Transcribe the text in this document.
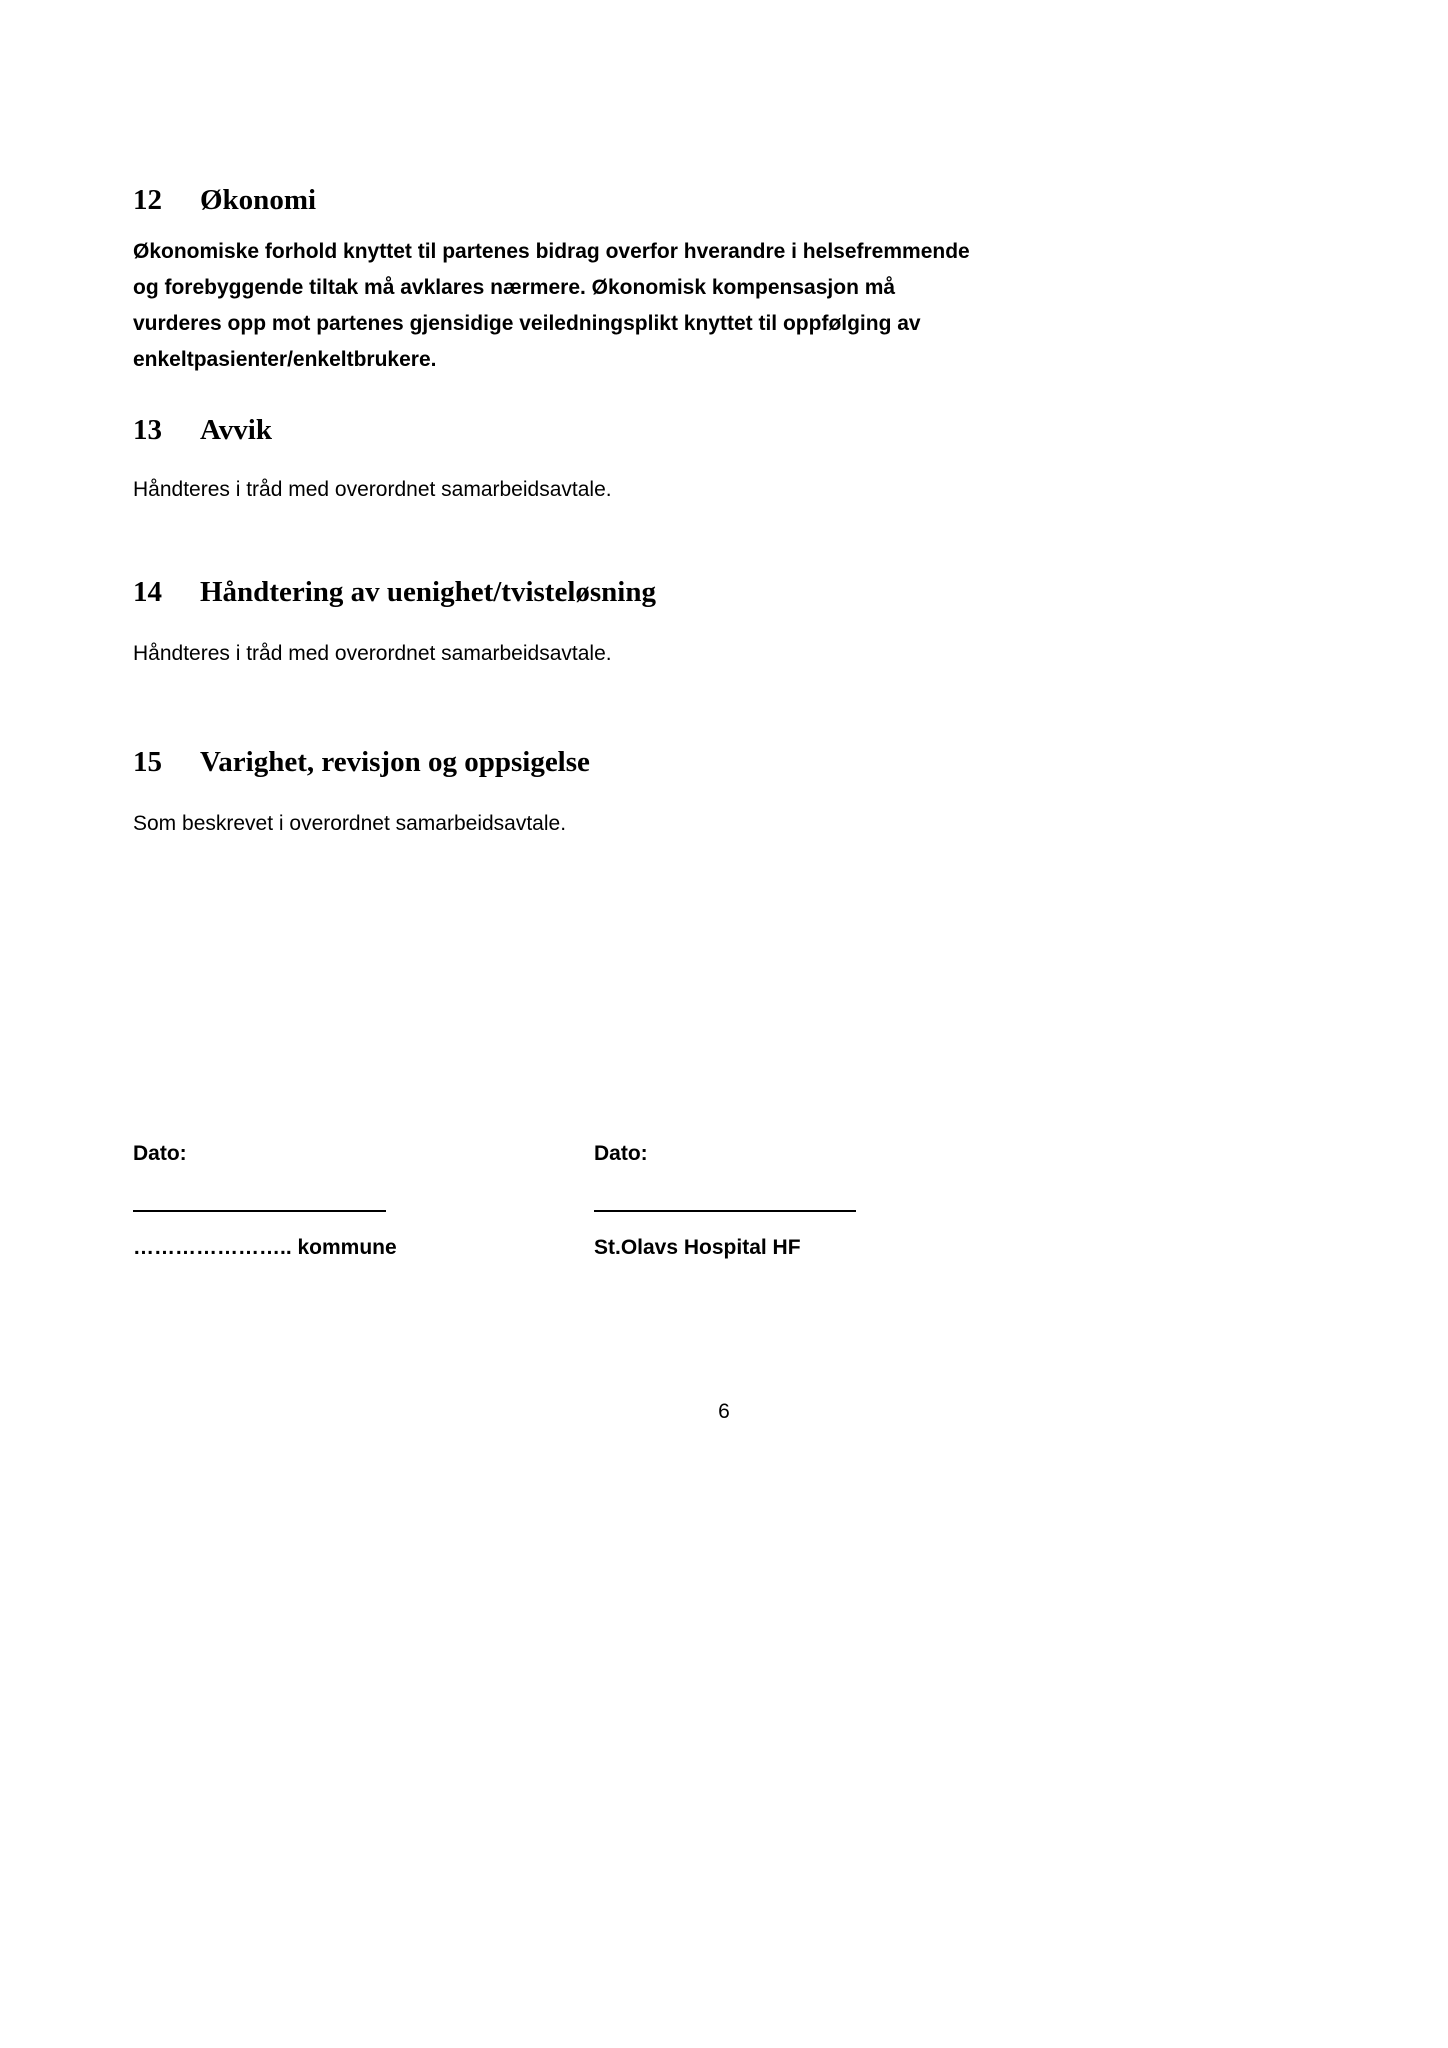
12 Økonomi
Økonomiske forhold knyttet til partenes bidrag overfor hverandre i helsefremmende og forebyggende tiltak må avklares nærmere. Økonomisk kompensasjon må vurderes opp mot partenes gjensidige veiledningsplikt knyttet til oppfølging av enkeltpasienter/enkeltbrukere.
13 Avvik
Håndteres i tråd med overordnet samarbeidsavtale.
14 Håndtering av uenighet/tvisteløsning
Håndteres i tråd med overordnet samarbeidsavtale.
15 Varighet, revisjon og oppsigelse
Som beskrevet i overordnet samarbeidsavtale.
Dato:
………………….. kommune
Dato:
St.Olavs Hospital HF
6
